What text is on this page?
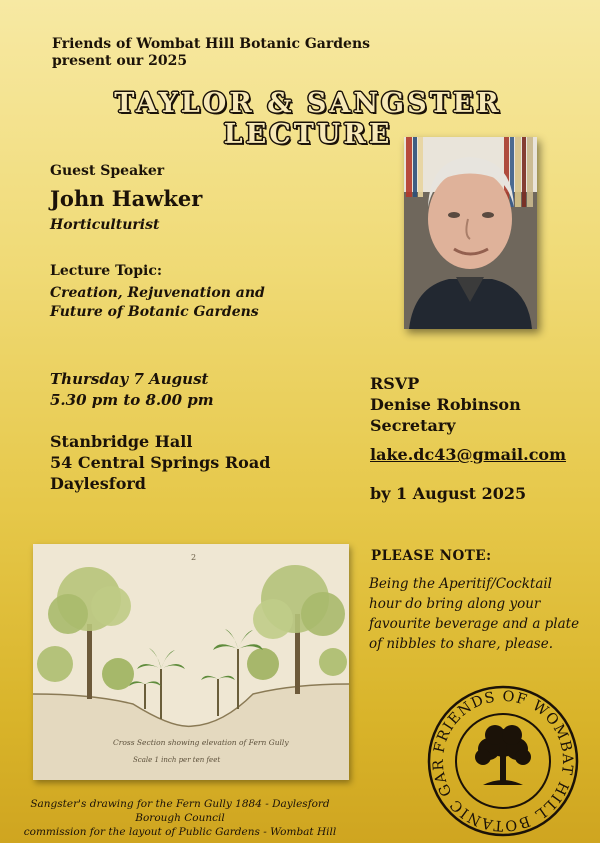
Friends of Wombat Hill Botanic Gardens
present our 2025
TAYLOR & SANGSTER LECTURE
Guest Speaker
John Hawker
Horticulturist
Lecture Topic:
Creation, Rejuvenation and
Future of Botanic Gardens
Thursday 7 August
5.30 pm to 8.00 pm
Stanbridge Hall
54 Central Springs Road
Daylesford
RSVP
Denise Robinson
Secretary
lake.dc43@gmail.com
by 1 August 2025
2
Cross Section showing elevation of Fern Gully
Scale 1 inch per ten feet
PLEASE NOTE:
Being the Aperitif/Cocktail
hour do bring along your
favourite beverage and a plate
of nibbles to share, please.
FRIENDS OF WOMBAT HILL BOTANIC GAR
Sangster's drawing for the Fern Gully 1884 - Daylesford Borough Council
commission for the layout of Public Gardens - Wombat Hill
